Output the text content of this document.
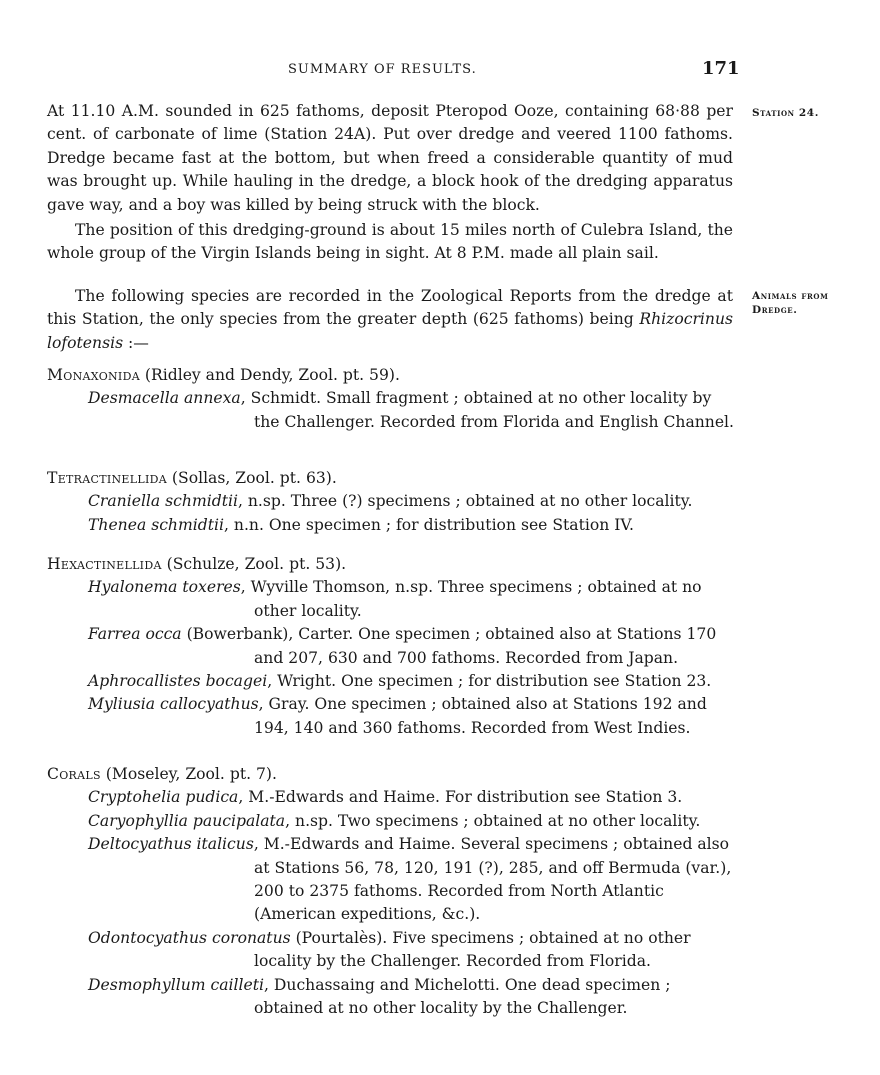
SUMMARY OF RESULTS.	171
Station 24.
Animals from
Dredge.

At 11.10 A.M. sounded in 625 fathoms, deposit Pteropod Ooze, containing 68·88 per cent. of carbonate of lime (Station 24A). Put over dredge and veered 1100 fathoms. Dredge became fast at the bottom, but when freed a considerable quantity of mud was brought up. While hauling in the dredge, a block hook of the dredging apparatus gave way, and a boy was killed by being struck with the block.

The position of this dredging-ground is about 15 miles north of Culebra Island, the whole group of the Virgin Islands being in sight. At 8 P.M. made all plain sail.

The following species are recorded in the Zoological Reports from the dredge at this Station, the only species from the greater depth (625 fathoms) being Rhizocrinus lofotensis :—

Monaxonida (Ridley and Dendy, Zool. pt. 59).

Desmacella annexa, Schmidt. Small fragment ; obtained at no other locality by the Challenger. Recorded from Florida and English Channel.

Tetractinellida (Sollas, Zool. pt. 63).

Craniella schmidtii, n.sp. Three (?) specimens ; obtained at no other locality.

Thenea schmidtii, n.n. One specimen ; for distribution see Station IV.

Hexactinellida (Schulze, Zool. pt. 53).

Hyalonema toxeres, Wyville Thomson, n.sp. Three specimens ; obtained at no other locality.

Farrea occa (Bowerbank), Carter. One specimen ; obtained also at Stations 170 and 207, 630 and 700 fathoms. Recorded from Japan.

Aphrocallistes bocagei, Wright. One specimen ; for distribution see Station 23.

Myliusia callocyathus, Gray. One specimen ; obtained also at Stations 192 and 194, 140 and 360 fathoms. Recorded from West Indies.

Corals (Moseley, Zool. pt. 7).

Cryptohelia pudica, M.-Edwards and Haime. For distribution see Station 3.

Caryophyllia paucipalata, n.sp. Two specimens ; obtained at no other locality.

Deltocyathus italicus, M.-Edwards and Haime. Several specimens ; obtained also at Stations 56, 78, 120, 191 (?), 285, and off Bermuda (var.), 200 to 2375 fathoms. Recorded from North Atlantic (American expeditions, &c.).

Odontocyathus coronatus (Pourtalès). Five specimens ; obtained at no other locality by the Challenger. Recorded from Florida.

Desmophyllum cailleti, Duchassaing and Michelotti. One dead specimen ; obtained at no other locality by the Challenger.
